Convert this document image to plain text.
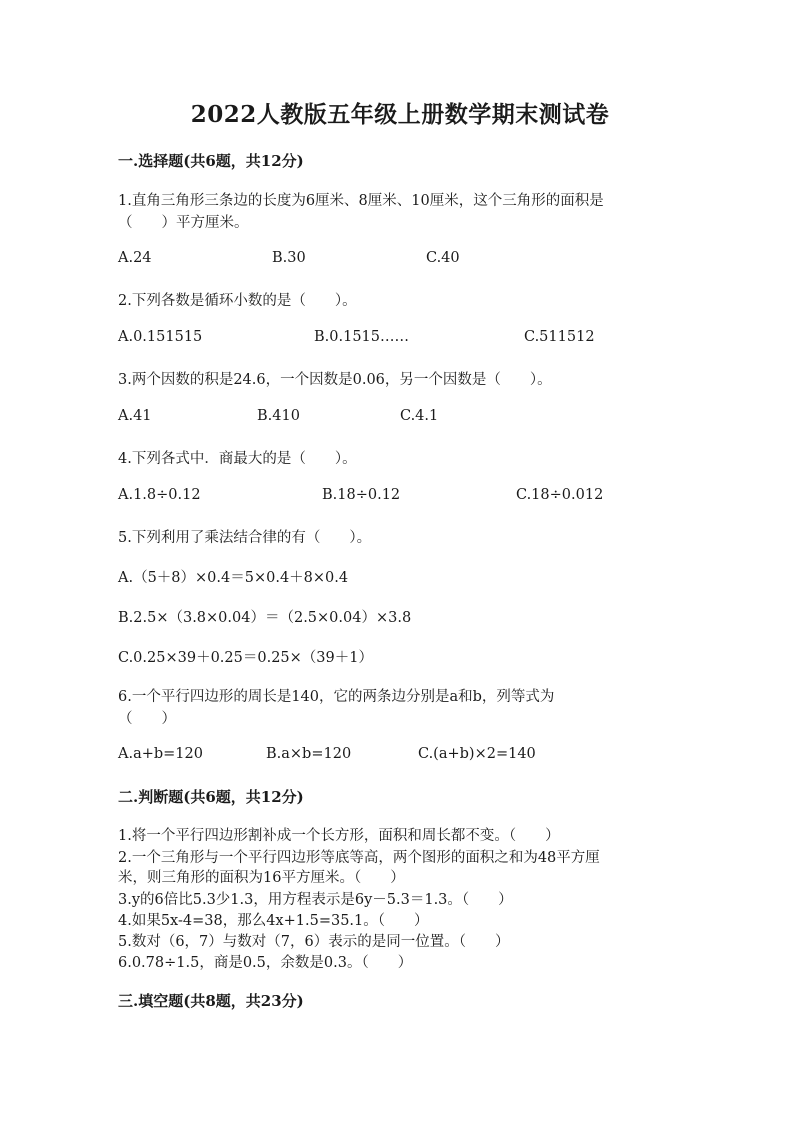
2022人教版五年级上册数学期末测试卷
一.选择题(共6题，共12分)
1.直角三角形三条边的长度为6厘米、8厘米、10厘米，这个三角形的面积是
（　　）平方厘米。
A.24	B.30	C.40
2.下列各数是循环小数的是（　　）。
A.0.151515	B.0.1515……	C.511512
3.两个因数的积是24.6，一个因数是0.06，另一个因数是（　　）。
A.41	B.410	C.4.1
4.下列各式中．商最大的是（　　）。
A.1.8÷0.12	B.18÷0.12	C.18÷0.012
5.下列利用了乘法结合律的有（　　）。
A.（5＋8）×0.4＝5×0.4＋8×0.4
B.2.5×（3.8×0.04）＝（2.5×0.04）×3.8
C.0.25×39＋0.25＝0.25×（39＋1）
6.一个平行四边形的周长是140，它的两条边分别是a和b，列等式为
（　　）
A.a+b=120	B.a×b=120	C.(a+b)×2=140
二.判断题(共6题，共12分)
1.将一个平行四边形割补成一个长方形，面积和周长都不变。（　　）
2.一个三角形与一个平行四边形等底等高，两个图形的面积之和为48平方厘
米，则三角形的面积为16平方厘米。（　　）
3.y的6倍比5.3少1.3，用方程表示是6y－5.3＝1.3。（　　）
4.如果5x-4=38，那么4x+1.5=35.1。（　　）
5.数对（6，7）与数对（7，6）表示的是同一位置。（　　）
6.0.78÷1.5，商是0.5，余数是0.3。（　　）
三.填空题(共8题，共23分)
